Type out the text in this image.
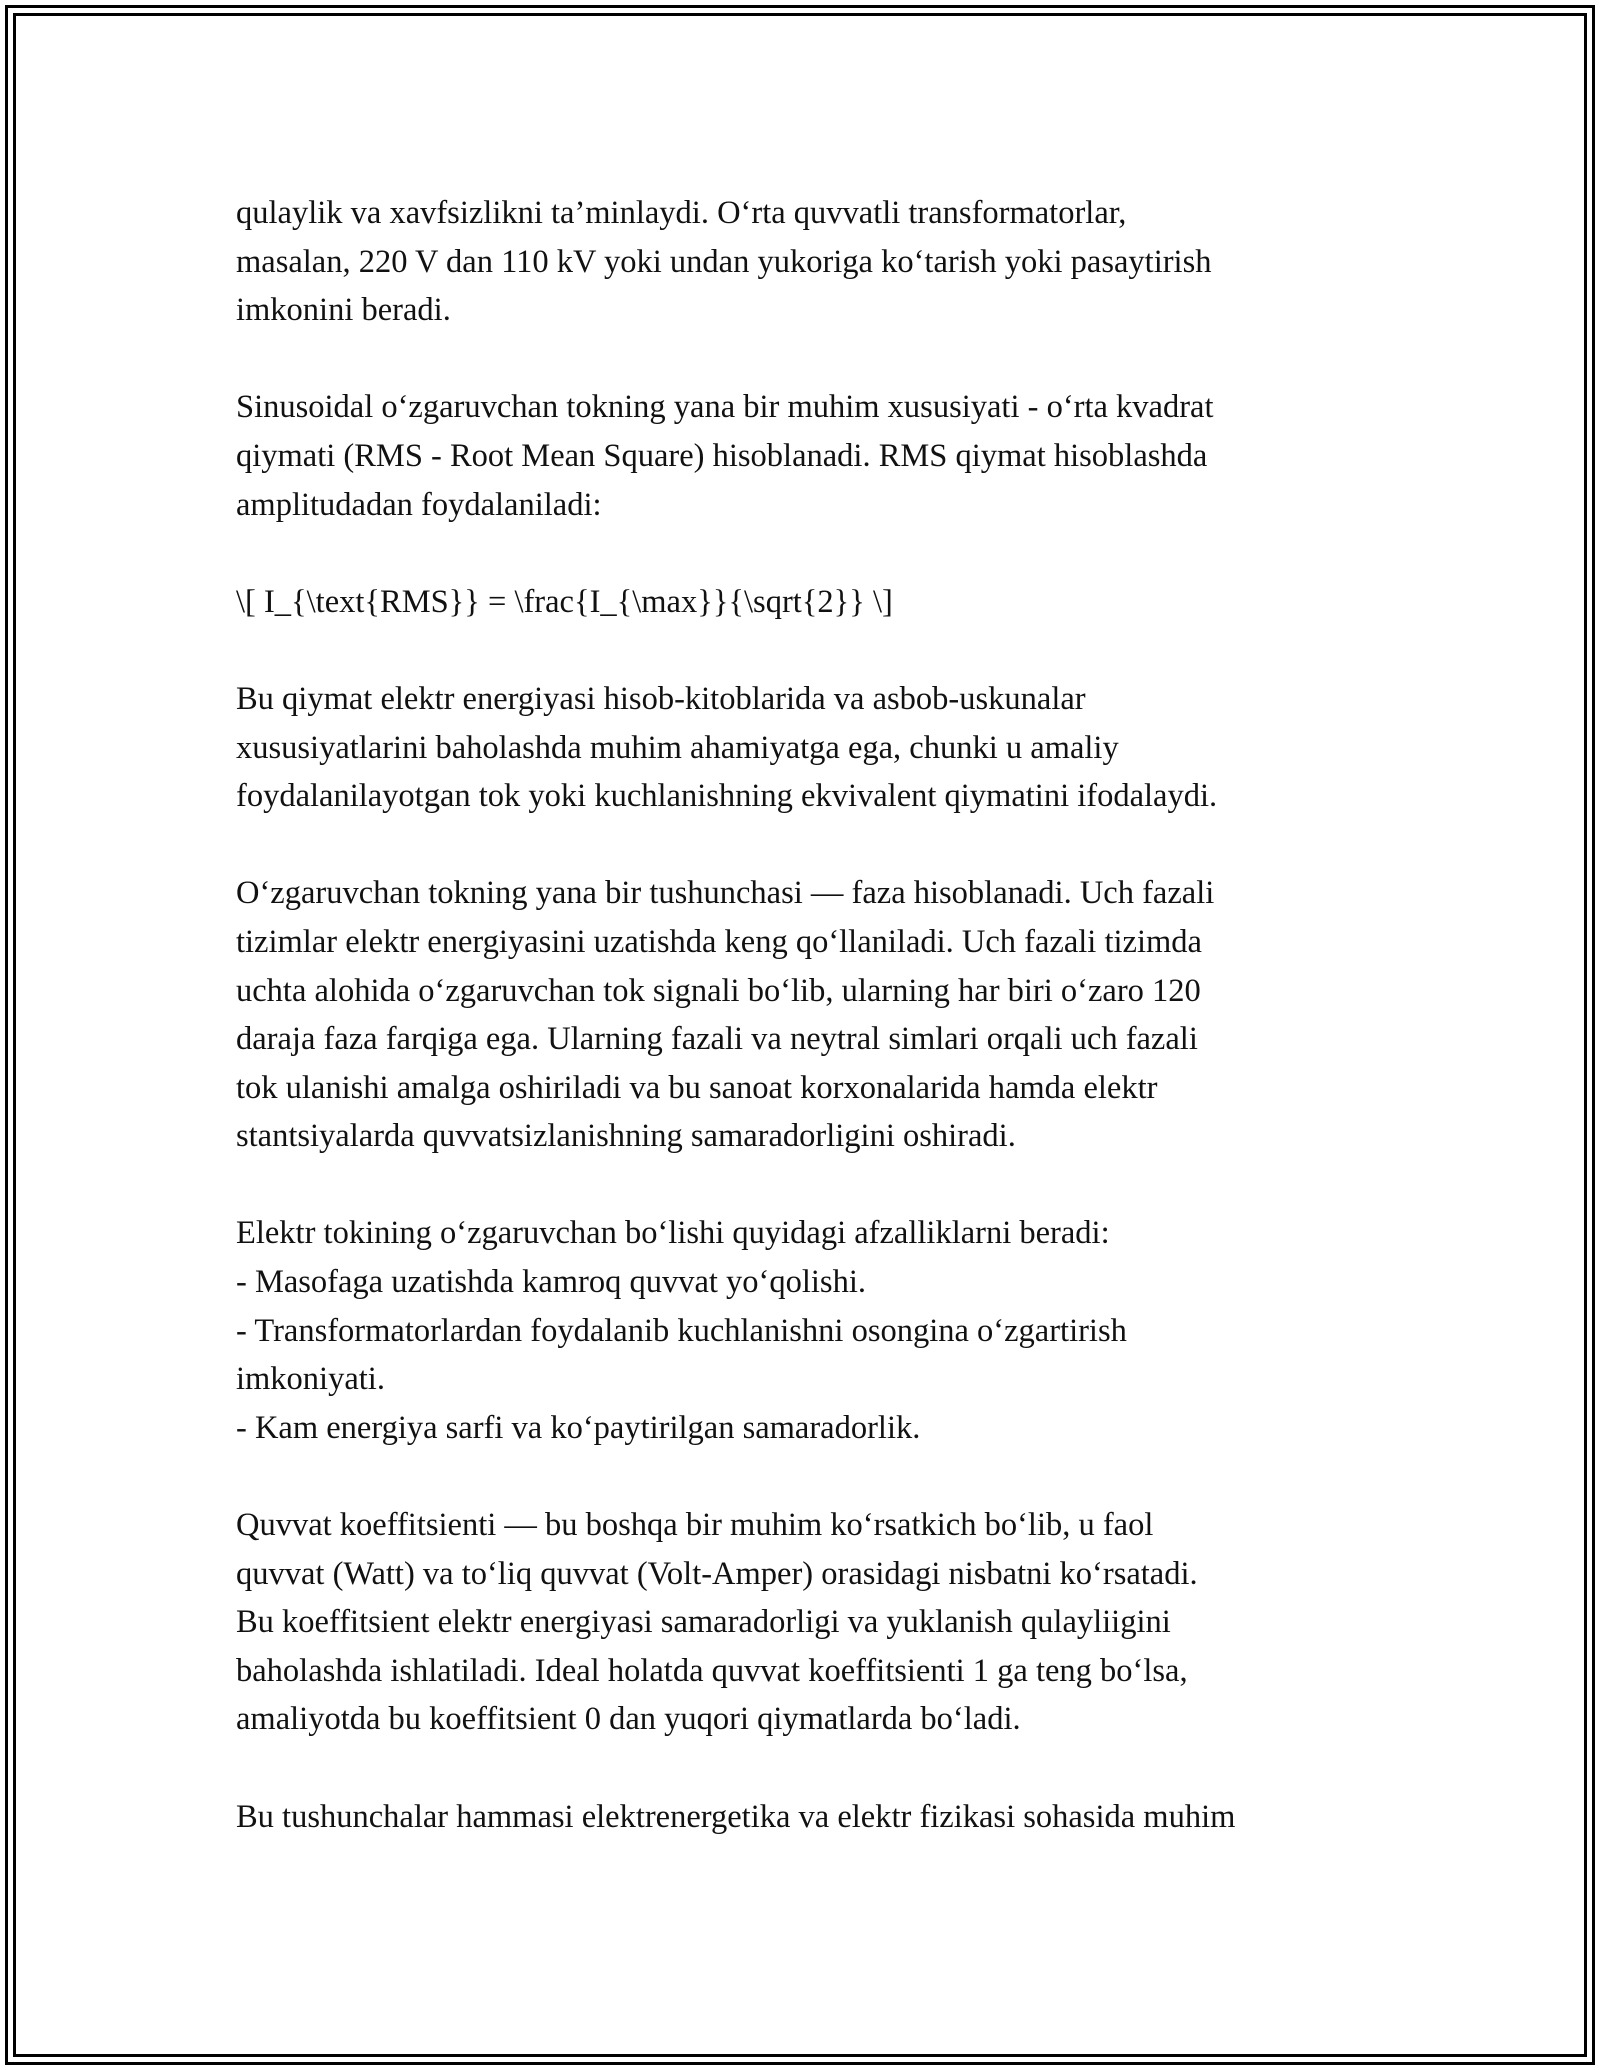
qulaylik va xavfsizlikni ta’minlaydi. O‘rta quvvatli transformatorlar,
masalan, 220 V dan 110 kV yoki undan yukoriga ko‘tarish yoki pasaytirish
imkonini beradi.
Sinusoidal o‘zgaruvchan tokning yana bir muhim xususiyati - o‘rta kvadrat
qiymati (RMS - Root Mean Square) hisoblanadi. RMS qiymat hisoblashda
amplitudadan foydalaniladi:
\[ I_{\text{RMS}} = \frac{I_{\max}}{\sqrt{2}} \]
Bu qiymat elektr energiyasi hisob-kitoblarida va asbob-uskunalar
xususiyatlarini baholashda muhim ahamiyatga ega, chunki u amaliy
foydalanilayotgan tok yoki kuchlanishning ekvivalent qiymatini ifodalaydi.
O‘zgaruvchan tokning yana bir tushunchasi — faza hisoblanadi. Uch fazali
tizimlar elektr energiyasini uzatishda keng qo‘llaniladi. Uch fazali tizimda
uchta alohida o‘zgaruvchan tok signali bo‘lib, ularning har biri o‘zaro 120
daraja faza farqiga ega. Ularning fazali va neytral simlari orqali uch fazali
tok ulanishi amalga oshiriladi va bu sanoat korxonalarida hamda elektr
stantsiyalarda quvvatsizlanishning samaradorligini oshiradi.
Elektr tokining o‘zgaruvchan bo‘lishi quyidagi afzalliklarni beradi:
- Masofaga uzatishda kamroq quvvat yo‘qolishi.
- Transformatorlardan foydalanib kuchlanishni osongina o‘zgartirish
imkoniyati.
- Kam energiya sarfi va ko‘paytirilgan samaradorlik.
Quvvat koeffitsienti — bu boshqa bir muhim ko‘rsatkich bo‘lib, u faol
quvvat (Watt) va to‘liq quvvat (Volt-Amper) orasidagi nisbatni ko‘rsatadi.
Bu koeffitsient elektr energiyasi samaradorligi va yuklanish qulayliigini
baholashda ishlatiladi. Ideal holatda quvvat koeffitsienti 1 ga teng bo‘lsa,
amaliyotda bu koeffitsient 0 dan yuqori qiymatlarda bo‘ladi.
Bu tushunchalar hammasi elektrenergetika va elektr fizikasi sohasida muhim
